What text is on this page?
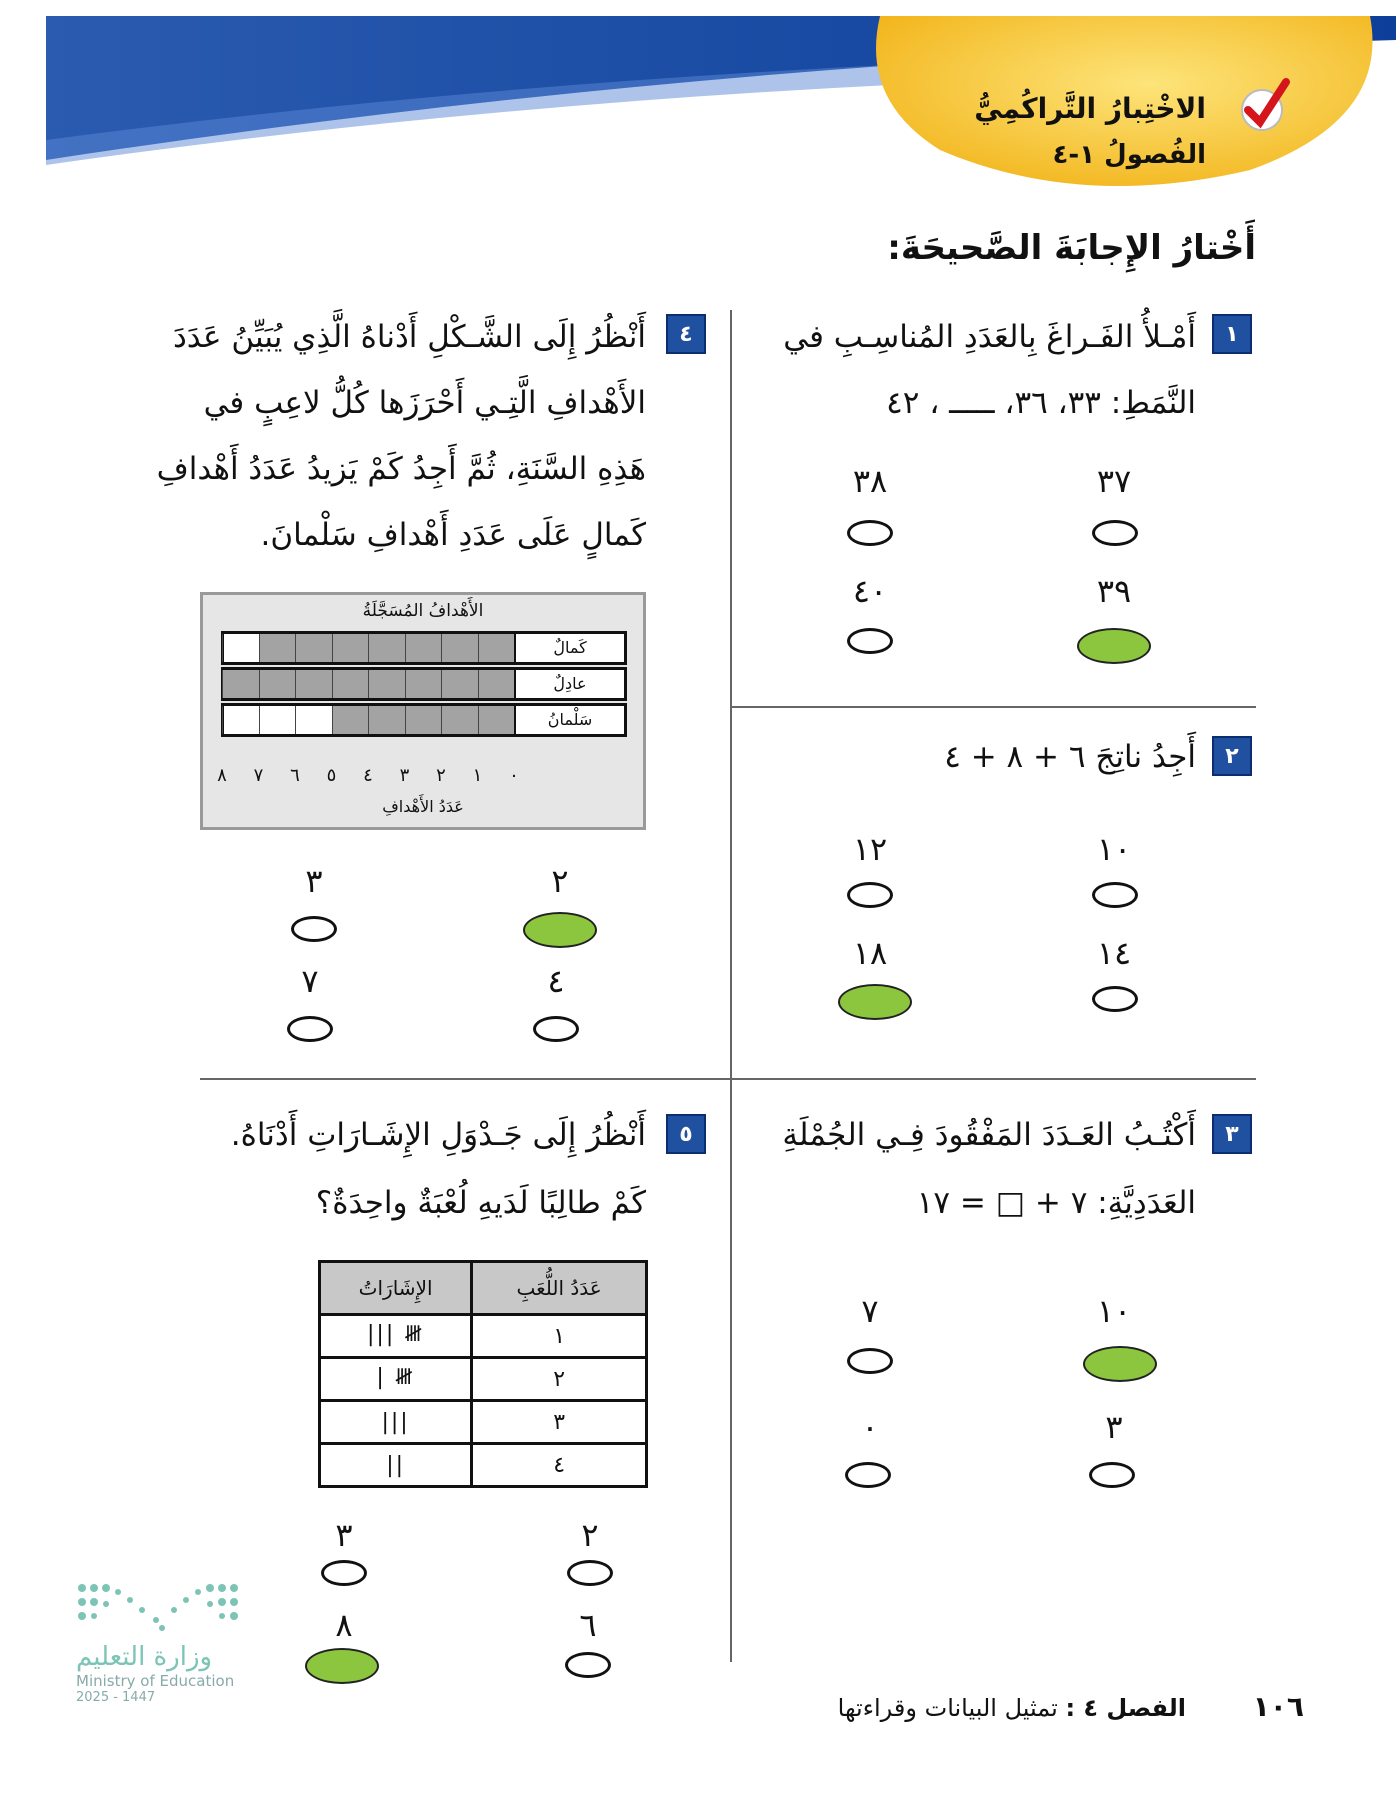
الاخْتِبارُ التَّراكُمِيُّ
الفُصولُ ١-٤
أَخْتارُ الإِجابَةَ الصَّحيحَةَ:
١
أَمْـلأُ الفَـراغَ بِالعَدَدِ المُناسِـبِ في
النَّمَطِ: ٣٣، ٣٦، ـــــ ، ٤٢
٣٧
٣٨
٣٩
٤٠
٢
أَجِدُ ناتِجَ ٦ + ٨ + ٤
١٠
١٢
١٤
١٨
٣
أَكْتُـبُ العَـدَدَ المَفْقُودَ فِـي الجُمْلَةِ
العَدَدِيَّةِ: ٧ + □ = ١٧
١٠
٧
٣
٠
٤
أَنْظُرُ إِلَى الشَّـكْلِ أَدْناهُ الَّذِي يُبَيِّنُ عَدَدَ
الأَهْدافِ الَّتِـي أَحْرَزَها كُلُّ لاعِبٍ في
هَذِهِ السَّنَةِ، ثُمَّ أَجِدُ كَمْ يَزيدُ عَدَدُ أَهْدافِ
كَمالٍ عَلَى عَدَدِ أَهْدافِ سَلْمانَ.
الأَهْدافُ المُسَجَّلَةُ
عَدَدُ الأَهْدافِ
كَمالٌ
عادِلٌ
سَلْمانُ
٨	٧	٦	٥	٤	٣	٢	١	٠
٢
٣
٤
٧
٥
أَنْظُرُ إِلَى جَـدْوَلِ الإِشَـارَاتِ أَدْنَاهُ.
كَمْ طالِبًا لَدَيهِ لُعْبَةٌ واحِدَةٌ؟
عَدَدُ اللُّعَبِ	الإِشَارَاتُ
١	𝍸 |||
٢	𝍸 |
٣	|||
٤	||
٢
٣
٦
٨
وزارة التعليم
Ministry of Education
2025 - 1447	الفصل ٤ : تمثيل البيانات وقراءتها	١٠٦
